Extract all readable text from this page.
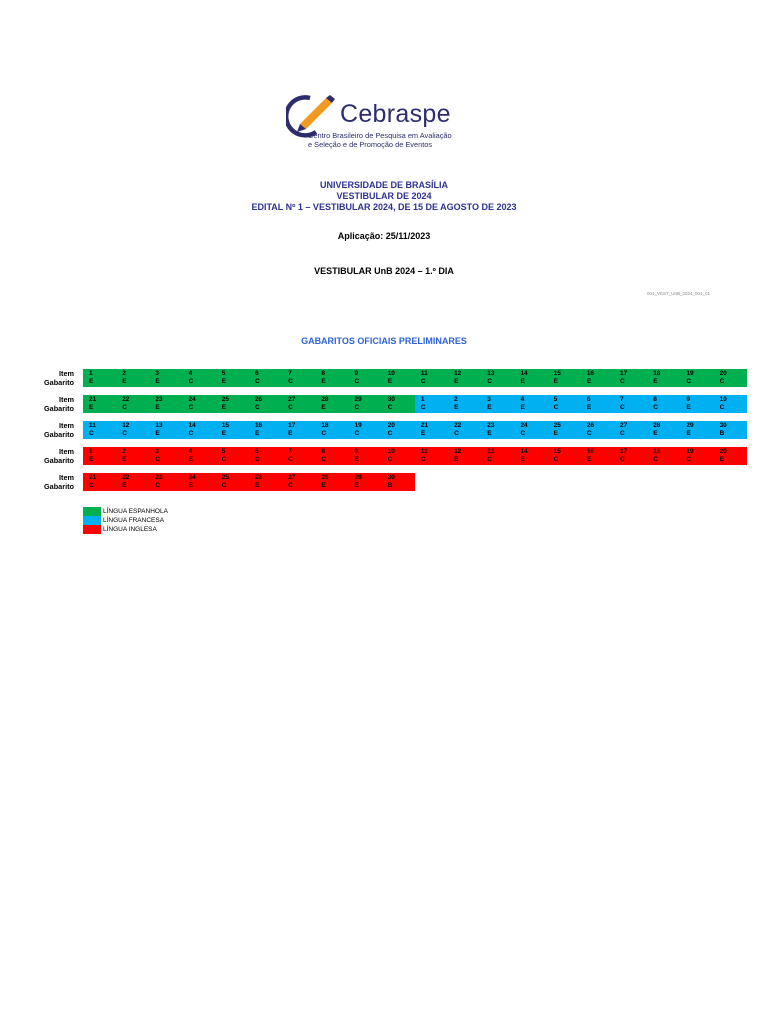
Cebraspe
Centro Brasileiro de Pesquisa em Avaliação
e Seleção e de Promoção de Eventos
UNIVERSIDADE DE BRASÍLIA
VESTIBULAR DE 2024
EDITAL Nº 1 – VESTIBULAR 2024, DE 15 DE AGOSTO DE 2023
Aplicação: 25/11/2023
VESTIBULAR UnB 2024 – 1.º DIA
001_VEST_UnB_2024_001_01
GABARITOS OFICIAIS PRELIMINARES
Item
Gabarito
1
E
2
E
3
E
4
C
5
E
6
C
7
C
8
E
9
C
10
E
11
C
12
E
13
C
14
E
15
E
16
E
17
C
18
E
19
C
20
C
Item
Gabarito
21
E
22
C
23
E
24
C
25
E
26
C
27
C
28
E
29
C
30
C
1
C
2
E
3
E
4
E
5
C
6
E
7
C
8
C
9
E
10
C
Item
Gabarito
11
C
12
C
13
E
14
C
15
E
16
E
17
E
18
C
19
C
20
C
21
E
22
C
23
E
24
C
25
E
26
C
27
C
28
E
29
E
30
B
Item
Gabarito
1
E
2
E
3
C
4
E
5
C
6
C
7
C
8
C
9
E
10
C
11
C
12
E
13
C
14
E
15
C
16
E
17
C
18
C
19
C
20
E
Item
Gabarito
21
C
22
E
23
C
24
E
25
C
26
E
27
C
28
E
29
E
30
B
LÍNGUA ESPANHOLA
LÍNGUA FRANCESA
LÍNGUA INGLESA
